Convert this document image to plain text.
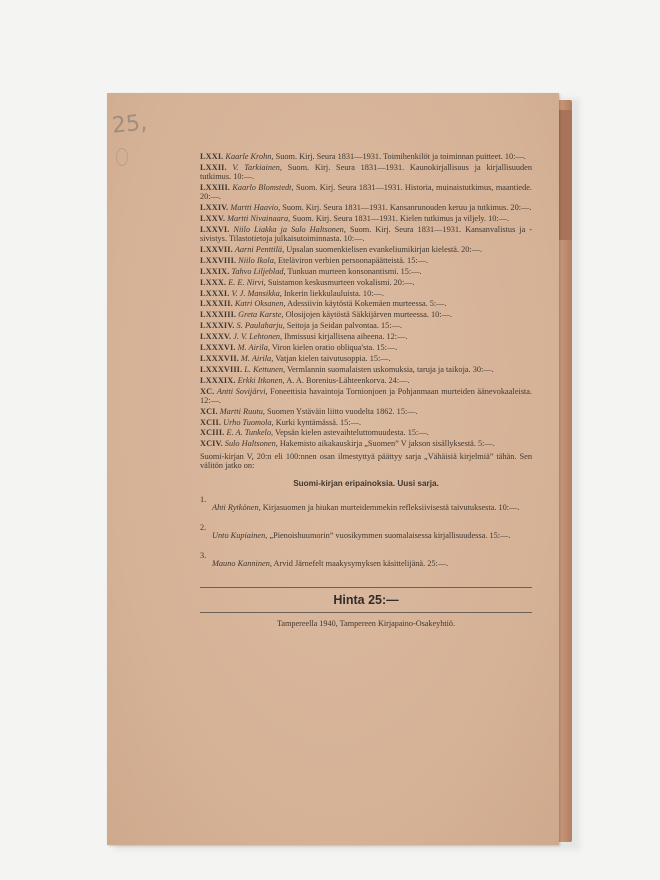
25,

LXXI. Kaarle Krohn, Suom. Kirj. Seura 1831—1931. Toimihenkilöt ja toiminnan puitteet. 10:—.

LXXII. V. Tarkiainen, Suom. Kirj. Seura 1831—1931. Kaunokirjallisuus ja kirjallisuuden tutkimus. 10:—.

LXXIII. Kaarlo Blomstedt, Suom. Kirj. Seura 1831—1931. Historia, muinaistutkimus, maantiede. 20:—.

LXXIV. Martti Haavio, Suom. Kirj. Seura 1831—1931. Kansanrunouden keruu ja tutkimus. 20:—.

LXXV. Martti Nivainaara, Suom. Kirj. Seura 1831—1931. Kielen tutkimus ja viljely. 10:—.

LXXVI. Niilo Liakka ja Sulo Haltsonen, Suom. Kirj. Seura 1831—1931. Kansanvalistus ja -sivistys. Tilastotietoja julkaisutoiminnasta. 10:—.

LXXVII. Aarni Penttilä, Upsalan suomenkielisen evankeliumikirjan kielestä. 20:—.

LXXVIII. Niilo Ikola, Eteläviron verbien persoonapäätteistä. 15:—.

LXXIX. Tahvo Liljeblad, Tunkuan murteen konsonantismi. 15:—.

LXXX. E. E. Nirvi, Suistamon keskusmurteen vokalismi. 20:—.

LXXXI. V. J. Mansikka, Inkerin liekkulauluista. 10:—.

LXXXII. Katri Oksanen, Adessiivin käytöstä Kokemäen murteessa. 5:—.

LXXXIII. Greta Karste, Olosijojen käytöstä Säkkijärven murteessa. 10:—.

LXXXIV. S. Paulaharju, Seitoja ja Seidan palvontaa. 15:—.

LXXXV. J. V. Lehtonen, Ihmissusi kirjallisena aiheena. 12:—.

LXXXVI. M. Airila, Viron kielen oratio obliqua'sta. 15:—.

LXXXVII. M. Airila, Vatjan kielen taivutusoppia. 15:—.

LXXXVIII. L. Kettunen, Vermlannin suomalaisten uskomuksia, taruja ja taikoja. 30:—.

LXXXIX. Erkki Itkonen, A. A. Borenius-Lähteenkorva. 24:—.

XC. Antti Sovijärvi, Foneettisia havaintoja Tornionjoen ja Pohjanmaan murteiden äänevokaaleista. 12:—.

XCI. Martti Ruutu, Suomen Ystäväin liitto vuodelta 1862. 15:—.

XCII. Urho Tuomola, Kurki kyntämässä. 15:—.

XCIII. E. A. Tunkelo, Vepsän kielen astevaihteluttomuudesta. 15:—.

XCIV. Sulo Haltsonen, Hakemisto aikakauskirja „Suomen” V jakson sisällyksestä. 5:—.

Suomi-kirjan V, 20:n eli 100:nnen osan ilmestyttyä päättyy sarja „Vähäisiä kirjelmiä” tähän. Sen välitön jatko on:

Suomi-kirjan eripainoksia. Uusi sarja.
1.

Ahti Rytkönen, Kirjasuomen ja hiukan murteidemmekin refleksiivisestä taivutuksesta. 10:—.

2.

Unto Kupiainen, „Pienoishuumorin” vuosikymmen suomalaisessa kirjallisuudessa. 15:—.

3.

Mauno Kanninen, Arvid Järnefelt maakysymyksen käsittelijänä. 25:—.

Hinta 25:—
Tampereella 1940, Tampereen Kirjapaino-Osakeyhtiö.
